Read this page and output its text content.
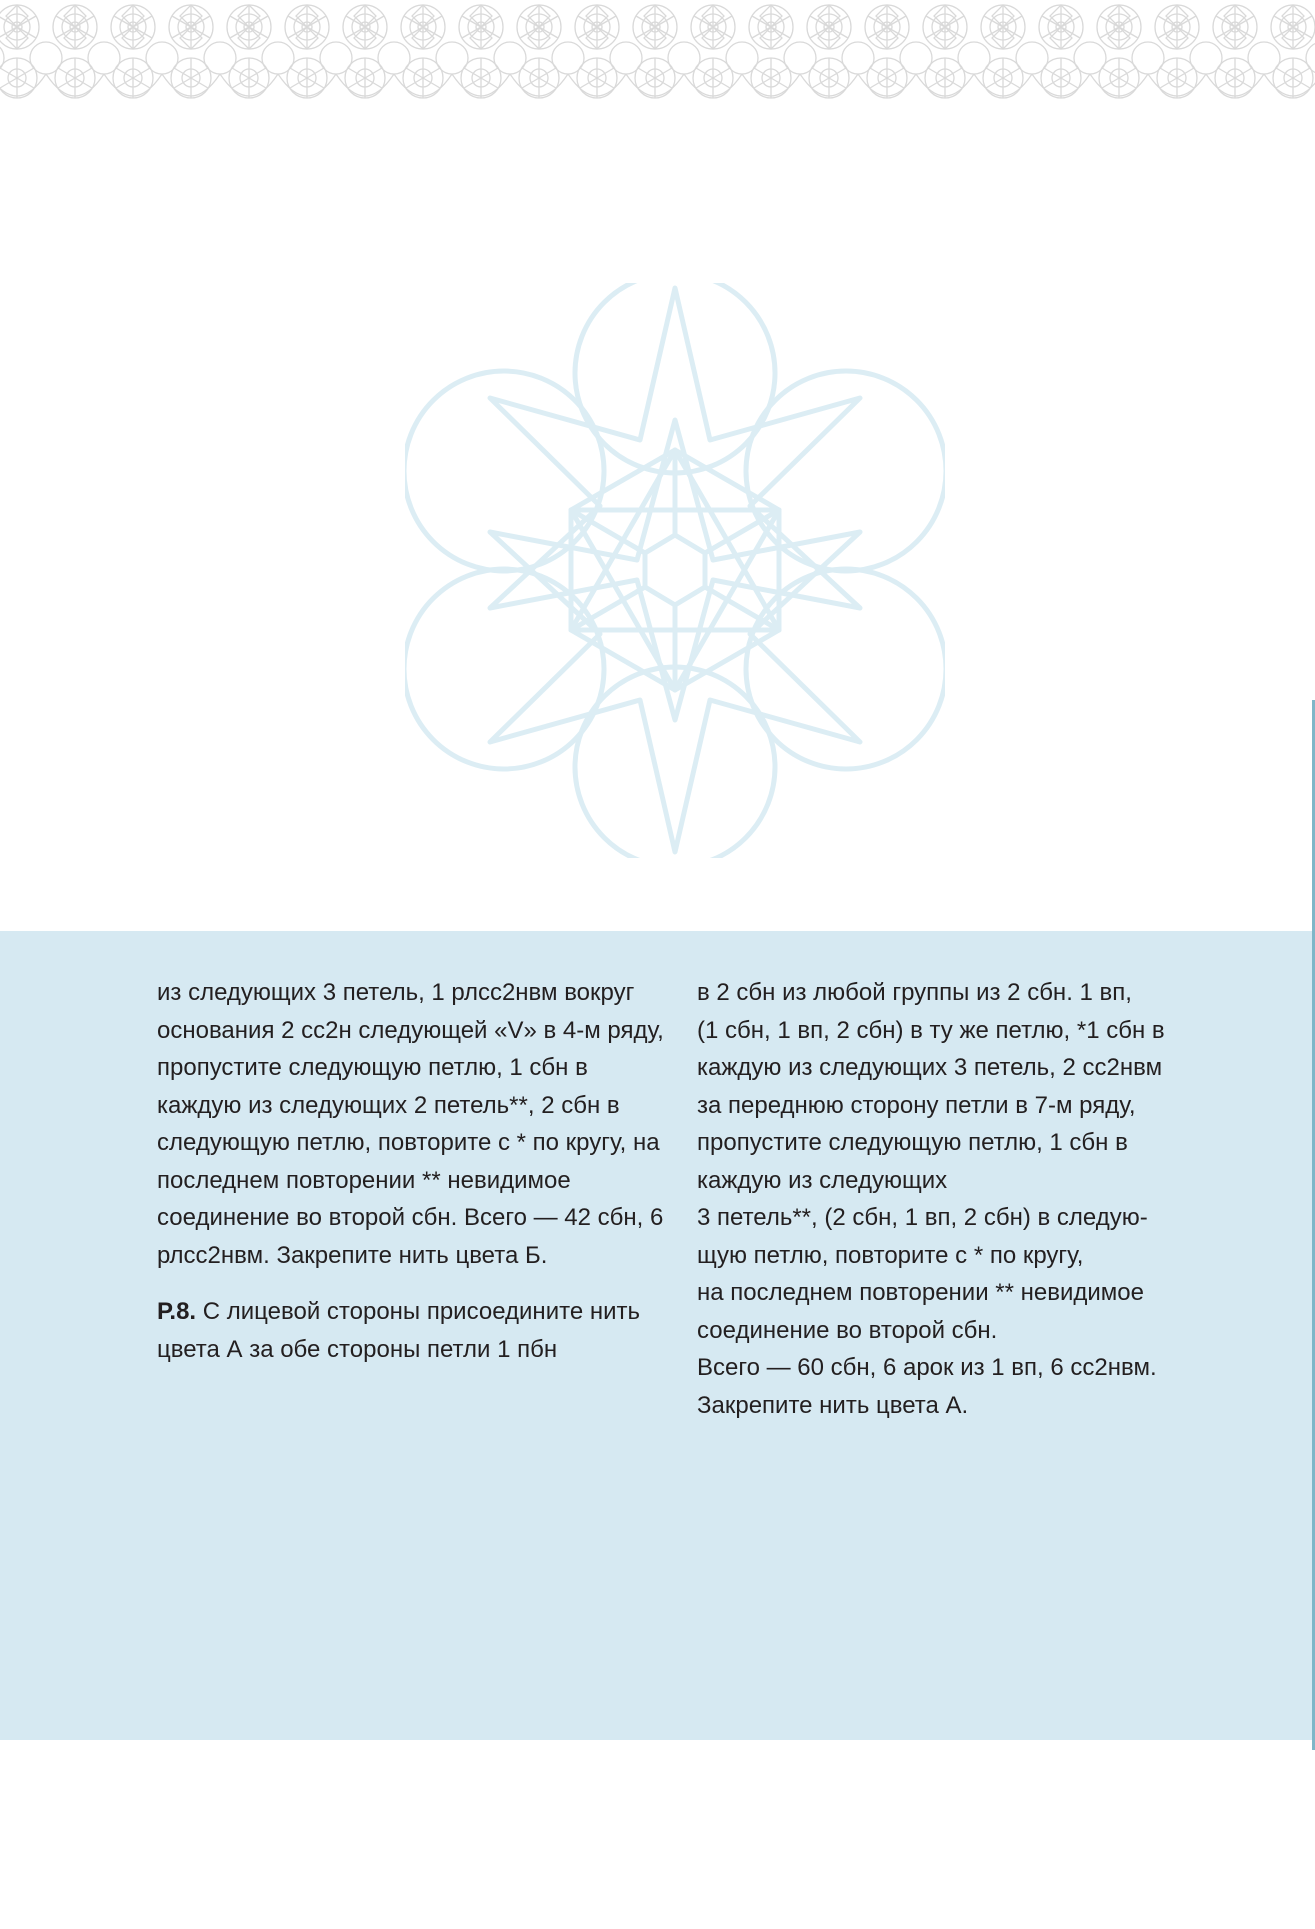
из следующих 3 петель, 1 рлсс2нвм вокруг основания 2 сс2н следующей «V» в 4-м ряду, пропустите следующую петлю, 1 сбн в каждую из следующих 2 петель**, 2 сбн в следующую петлю, повторите с * по кругу, на последнем повторении ** невидимое соединение во второй сбн. Всего — 42 сбн, 6 рлсс2нвм. Закрепите нить цвета Б.

Р.8. С лицевой стороны присоедините нить цвета А за обе стороны петли 1 пбн

в 2 сбн из любой группы из 2 сбн. 1 вп,

(1 сбн, 1 вп, 2 сбн) в ту же петлю, *1 сбн в

каждую из следующих 3 петель, 2 сс2нвм

за переднюю сторону петли в 7-м ряду,

пропустите следующую петлю, 1 сбн в

каждую из следующих

3 петель**, (2 сбн, 1 вп, 2 сбн) в следую-

щую петлю, повторите с * по кругу,

на последнем повторении ** невидимое

соединение во второй сбн.

Всего — 60 сбн, 6 арок из 1 вп, 6 сс2нвм.

Закрепите нить цвета А.
